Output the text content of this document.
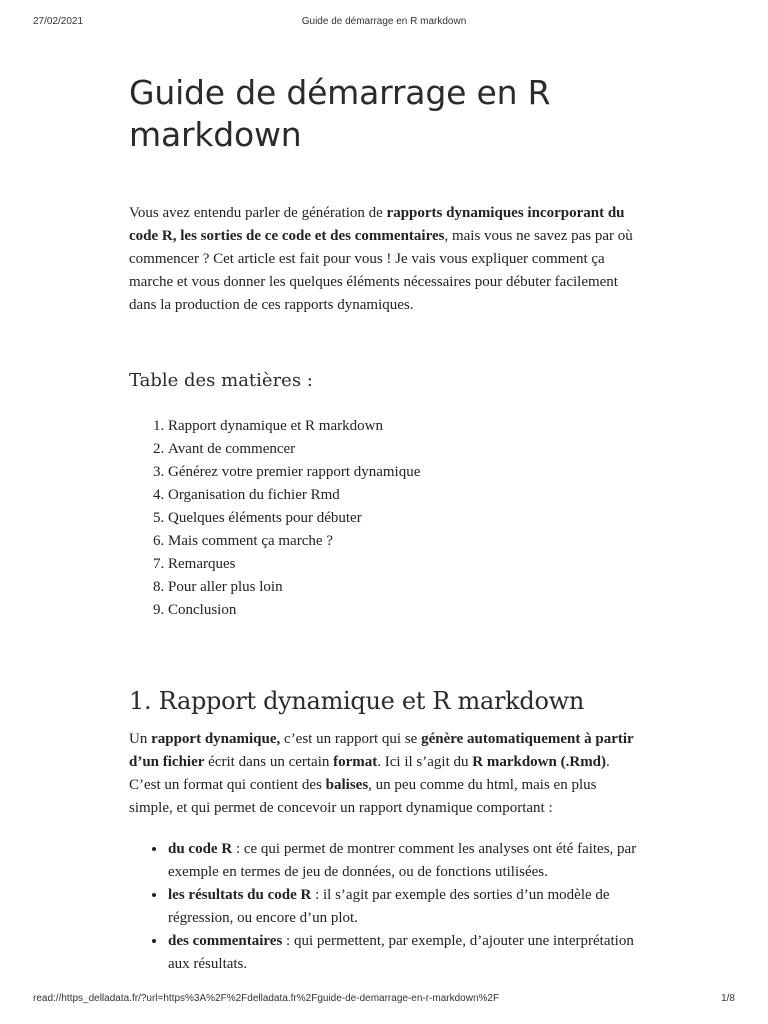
27/02/2021	Guide de démarrage en R markdown
Guide de démarrage en R markdown

Vous avez entendu parler de génération de rapports dynamiques incorporant du code R, les sorties de ce code et des commentaires, mais vous ne savez pas par où commencer ? Cet article est fait pour vous ! Je vais vous expliquer comment ça marche et vous donner les quelques éléments nécessaires pour débuter facilement dans la production de ces rapports dynamiques.

Table des matières :
1. Rapport dynamique et R markdown
2. Avant de commencer
3. Générez votre premier rapport dynamique
4. Organisation du fichier Rmd
5. Quelques éléments pour débuter
6. Mais comment ça marche ?
7. Remarques
8. Pour aller plus loin
9. Conclusion
1. Rapport dynamique et R markdown

Un rapport dynamique, c’est un rapport qui se génère automatiquement à partir d’un fichier écrit dans un certain format. Ici il s’agit du R markdown (.Rmd). C’est un format qui contient des balises, un peu comme du html, mais en plus simple, et qui permet de concevoir un rapport dynamique comportant :

• du code R : ce qui permet de montrer comment les analyses ont été faites, par exemple en termes de jeu de données, ou de fonctions utilisées.
• les résultats du code R : il s’agit par exemple des sorties d’un modèle de régression, ou encore d’un plot.
• des commentaires : qui permettent, par exemple, d’ajouter une interprétation aux résultats.
read://https_delladata.fr/?url=https%3A%2F%2Fdelladata.fr%2Fguide-de-demarrage-en-r-markdown%2F	1/8
